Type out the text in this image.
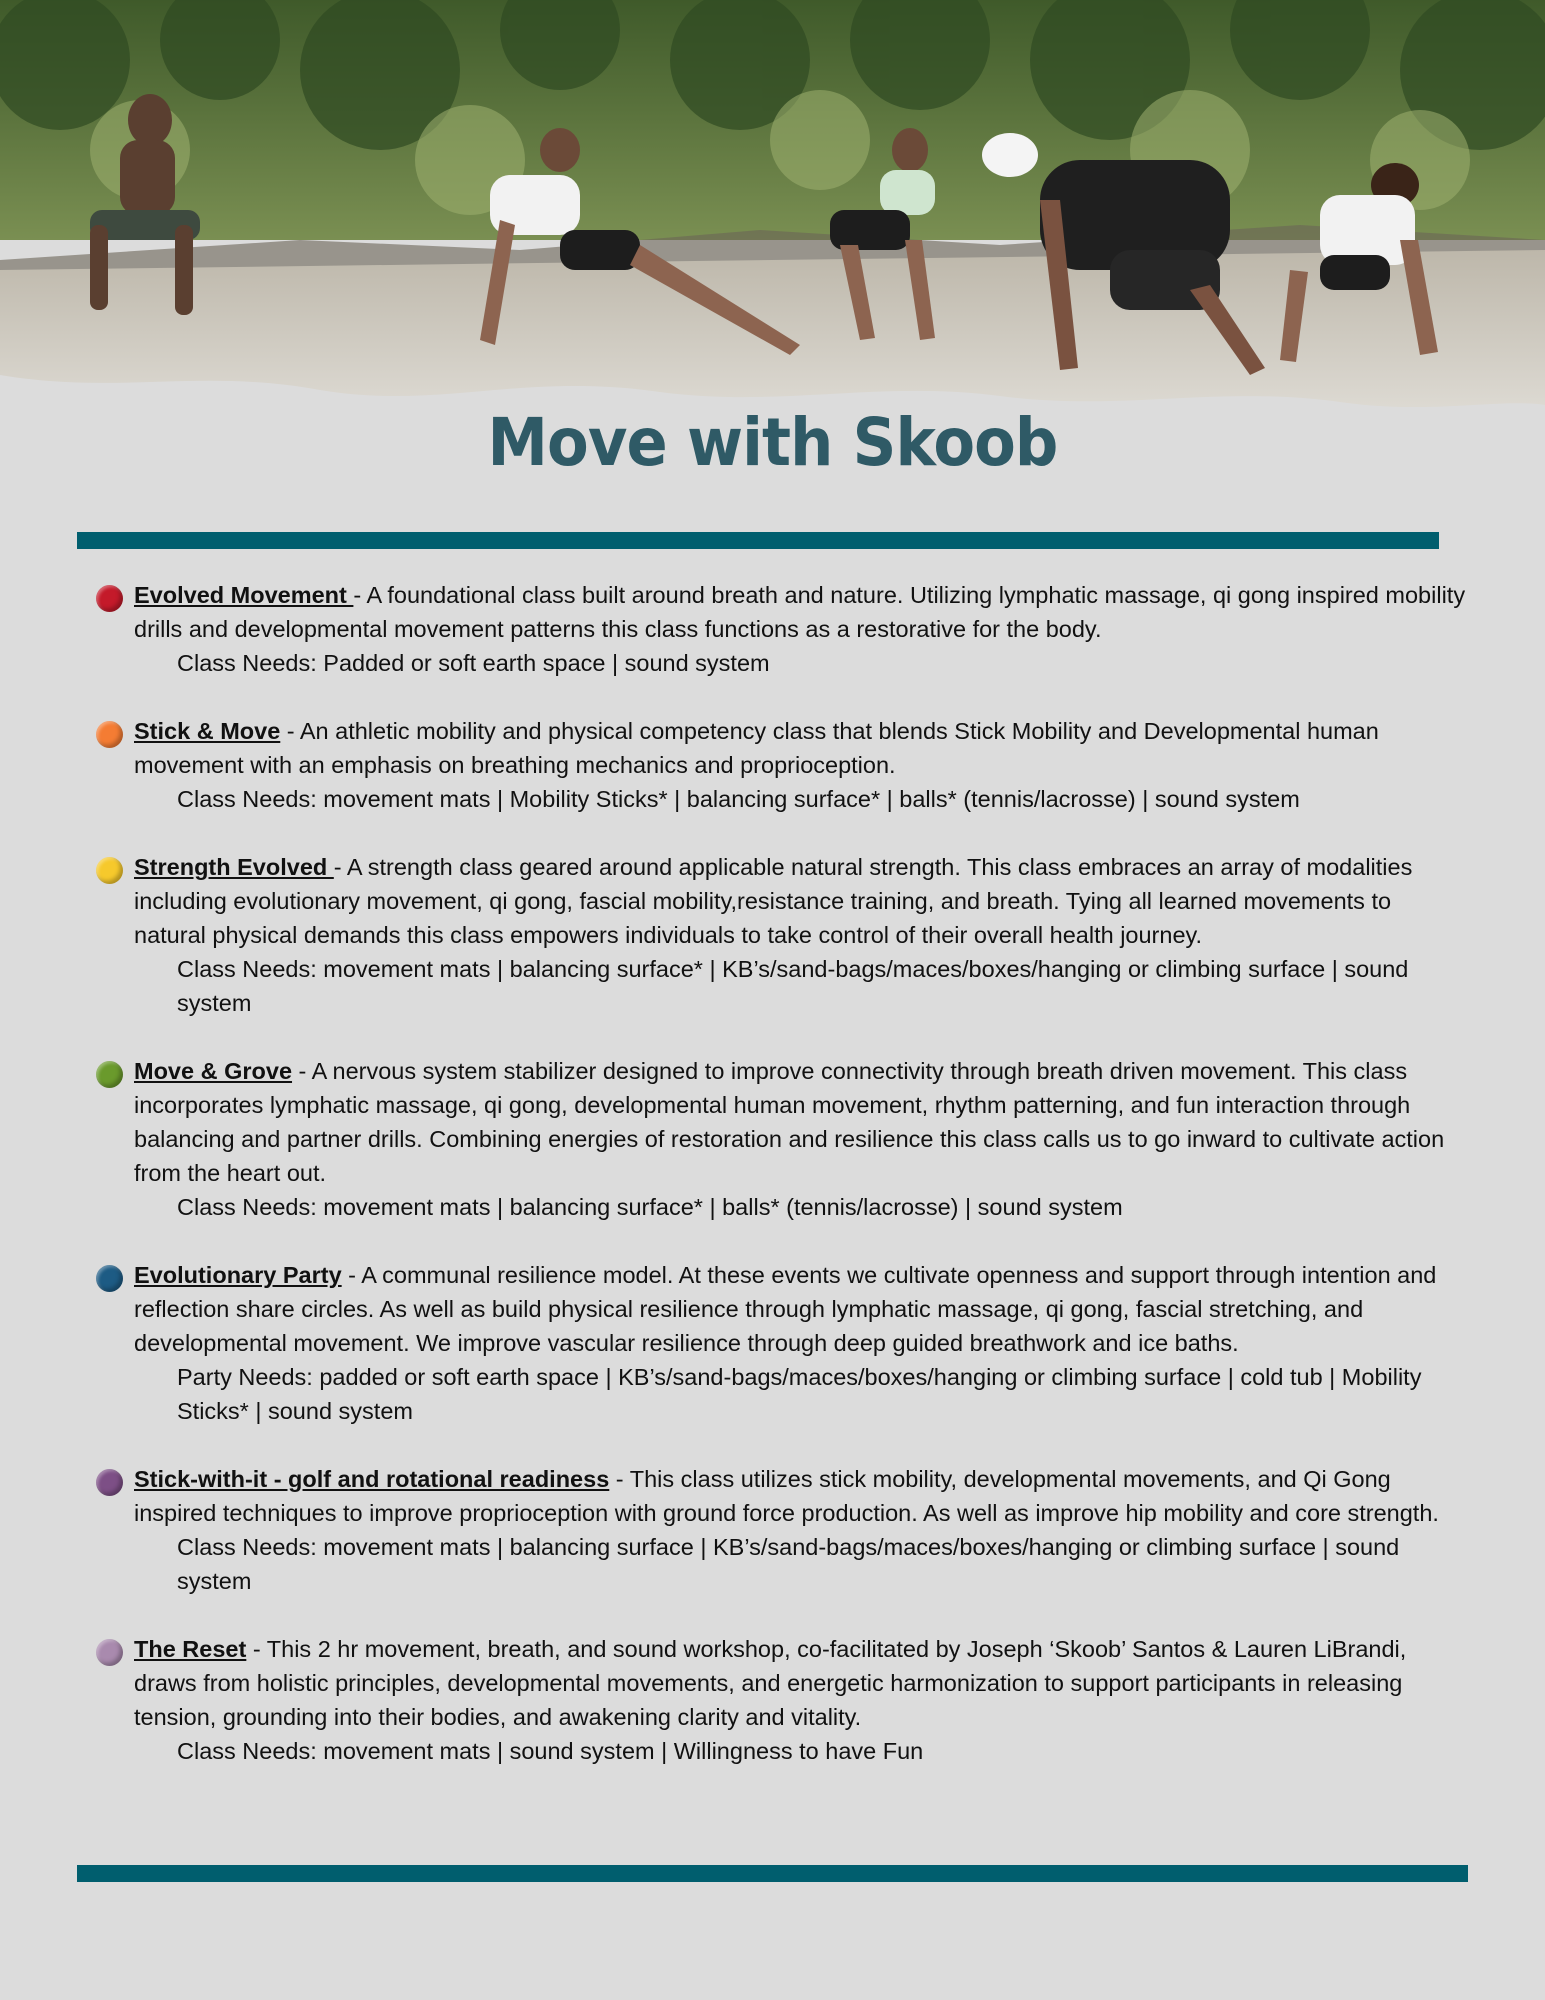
Move with Skoob
Evolved Movement - A foundational class built around breath and nature. Utilizing lymphatic massage, qi gong inspired mobility drills and developmental movement patterns this class functions as a restorative for the body.
Class Needs: Padded or soft earth space | sound system
Stick & Move - An athletic mobility and physical competency class that blends Stick Mobility and Developmental human movement with an emphasis on breathing mechanics and proprioception.
Class Needs: movement mats | Mobility Sticks* | balancing surface* | balls* (tennis/lacrosse) | sound system
Strength Evolved - A strength class geared around applicable natural strength. This class embraces an array of modalities including evolutionary movement, qi gong, fascial mobility,resistance training, and breath. Tying all learned movements to natural physical demands this class empowers individuals to take control of their overall health journey.
Class Needs: movement mats | balancing surface* | KB’s/sand-bags/maces/boxes/hanging or climbing surface | sound system
Move & Grove - A nervous system stabilizer designed to improve connectivity through breath driven movement. This class incorporates lymphatic massage, qi gong, developmental human movement, rhythm patterning, and fun interaction through balancing and partner drills. Combining energies of restoration and resilience this class calls us to go inward to cultivate action from the heart out.
Class Needs: movement mats | balancing surface* | balls* (tennis/lacrosse) | sound system
Evolutionary Party - A communal resilience model. At these events we cultivate openness and support through intention and reflection share circles. As well as build physical resilience through lymphatic massage, qi gong, fascial stretching, and developmental movement. We improve vascular resilience through deep guided breathwork and ice baths.
Party Needs: padded or soft earth space | KB’s/sand-bags/maces/boxes/hanging or climbing surface | cold tub | Mobility Sticks* | sound system
Stick-with-it - golf and rotational readiness - This class utilizes stick mobility, developmental movements, and Qi Gong inspired techniques to improve proprioception with ground force production. As well as improve hip mobility and core strength.
Class Needs: movement mats | balancing surface | KB’s/sand-bags/maces/boxes/hanging or climbing surface | sound system
The Reset - This 2 hr movement, breath, and sound workshop, co-facilitated by Joseph ‘Skoob’ Santos & Lauren LiBrandi, draws from holistic principles, developmental movements, and energetic harmonization to support participants in releasing tension, grounding into their bodies, and awakening clarity and vitality.
Class Needs: movement mats | sound system | Willingness to have Fun
